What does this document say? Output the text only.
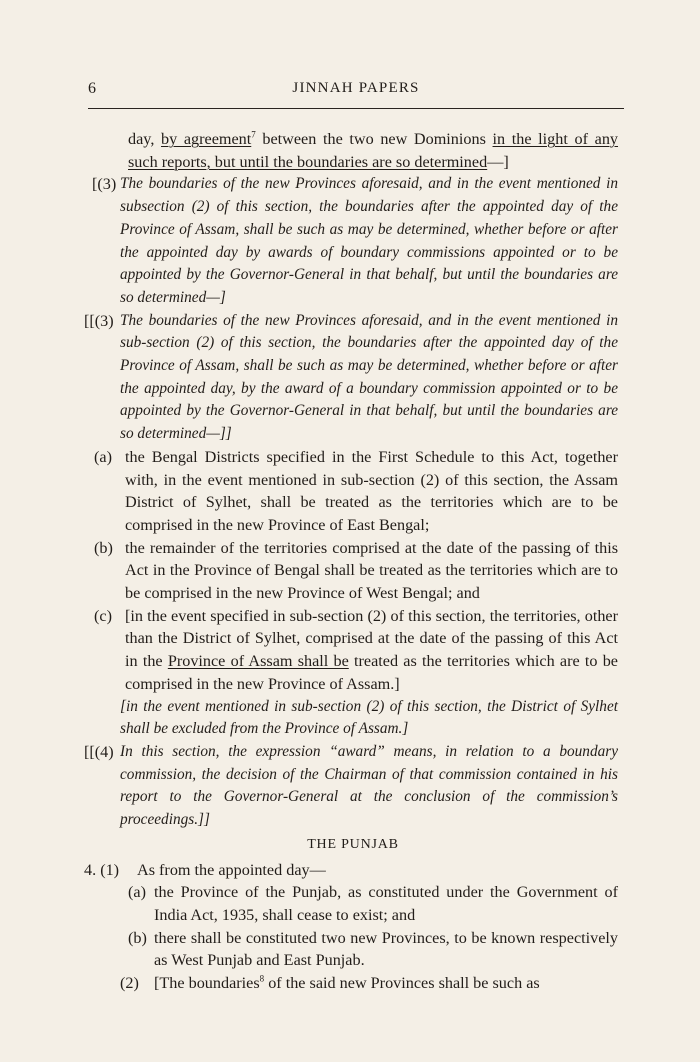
6	JINNAH PAPERS

day, by agreement$^7$ between the two new Dominions in the light of any such reports, but until the boundaries are so determined—]

[(3) The boundaries of the new Provinces aforesaid, and in the event mentioned in subsection (2) of this section, the boundaries after the appointed day of the Province of Assam, shall be such as may be determined, whether before or after the appointed day by awards of boundary commissions appointed or to be appointed by the Governor-General in that behalf, but until the boundaries are so determined—]

[[(3) The boundaries of the new Provinces aforesaid, and in the event mentioned in sub-section (2) of this section, the boundaries after the appointed day of the Province of Assam, shall be such as may be determined, whether before or after the appointed day, by the award of a boundary commission appointed or to be appointed by the Governor-General in that behalf, but until the boundaries are so determined—]]

(a) the Bengal Districts specified in the First Schedule to this Act, together with, in the event mentioned in sub-section (2) of this section, the Assam District of Sylhet, shall be treated as the territories which are to be comprised in the new Province of East Bengal;

(b) the remainder of the territories comprised at the date of the passing of this Act in the Province of Bengal shall be treated as the territories which are to be comprised in the new Province of West Bengal; and

(c) [in the event specified in sub-section (2) of this section, the territories, other than the District of Sylhet, comprised at the date of the passing of this Act in the Province of Assam shall be treated as the territories which are to be comprised in the new Province of Assam.]

[in the event mentioned in sub-section (2) of this section, the District of Sylhet shall be excluded from the Province of Assam.]

[[(4) In this section, the expression “award” means, in relation to a boundary commission, the decision of the Chairman of that commission contained in his report to the Governor-General at the conclusion of the commission’s proceedings.]]

THE PUNJAB

4. (1) As from the appointed day—

(a) the Province of the Punjab, as constituted under the Government of India Act, 1935, shall cease to exist; and

(b) there shall be constituted two new Provinces, to be known respectively as West Punjab and East Punjab.

(2) [The boundaries$^8$ of the said new Provinces shall be such as
